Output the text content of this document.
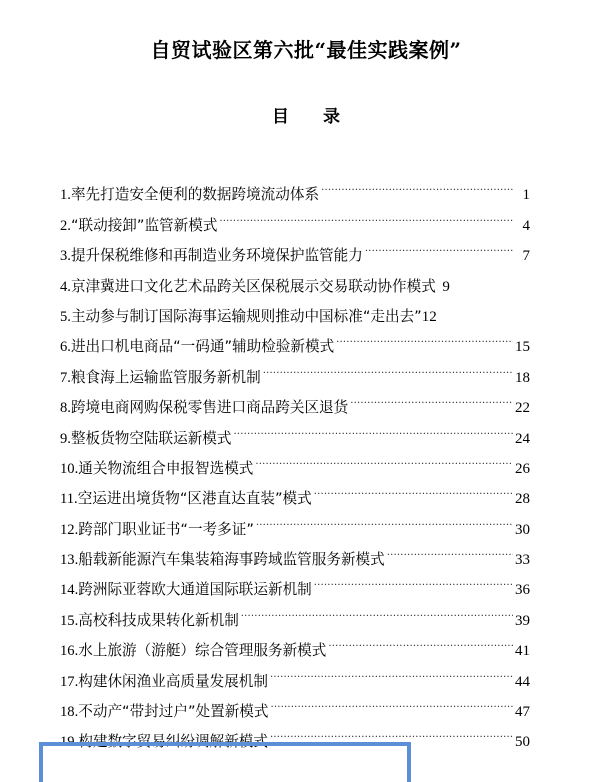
自贸试验区第六批“最佳实践案例”
目录
1.率先打造安全便利的数据跨境流动体系 .....	1
2.“联动接卸”监管新模式 .....	4
3.提升保税维修和再制造业务环境保护监管能力 .....	7
4.京津冀进口文化艺术品跨关区保税展示交易联动协作模式 9
5.主动参与制订国际海事运输规则推动中国标准“走出去” 12
6.进出口机电商品“一码通”辅助检验新模式 .....	15
7.粮食海上运输监管服务新机制 .....	18
8.跨境电商网购保税零售进口商品跨关区退货 .....	22
9.整板货物空陆联运新模式 .....	24
10.通关物流组合申报智选模式 .....	26
11.空运进出境货物“区港直达直装”模式 .....	28
12.跨部门职业证书“一考多证” .....	30
13.船载新能源汽车集装箱海事跨域监管服务新模式 .....	33
14.跨洲际亚蓉欧大通道国际联运新机制 .....	36
15.高校科技成果转化新机制 .....	39
16.水上旅游（游艇）综合管理服务新模式 .....	41
17.构建休闲渔业高质量发展机制 .....	44
18.不动产“带封过户”处置新模式 .....	47
19.构建数字贸易纠纷调解新模式 .....	50
